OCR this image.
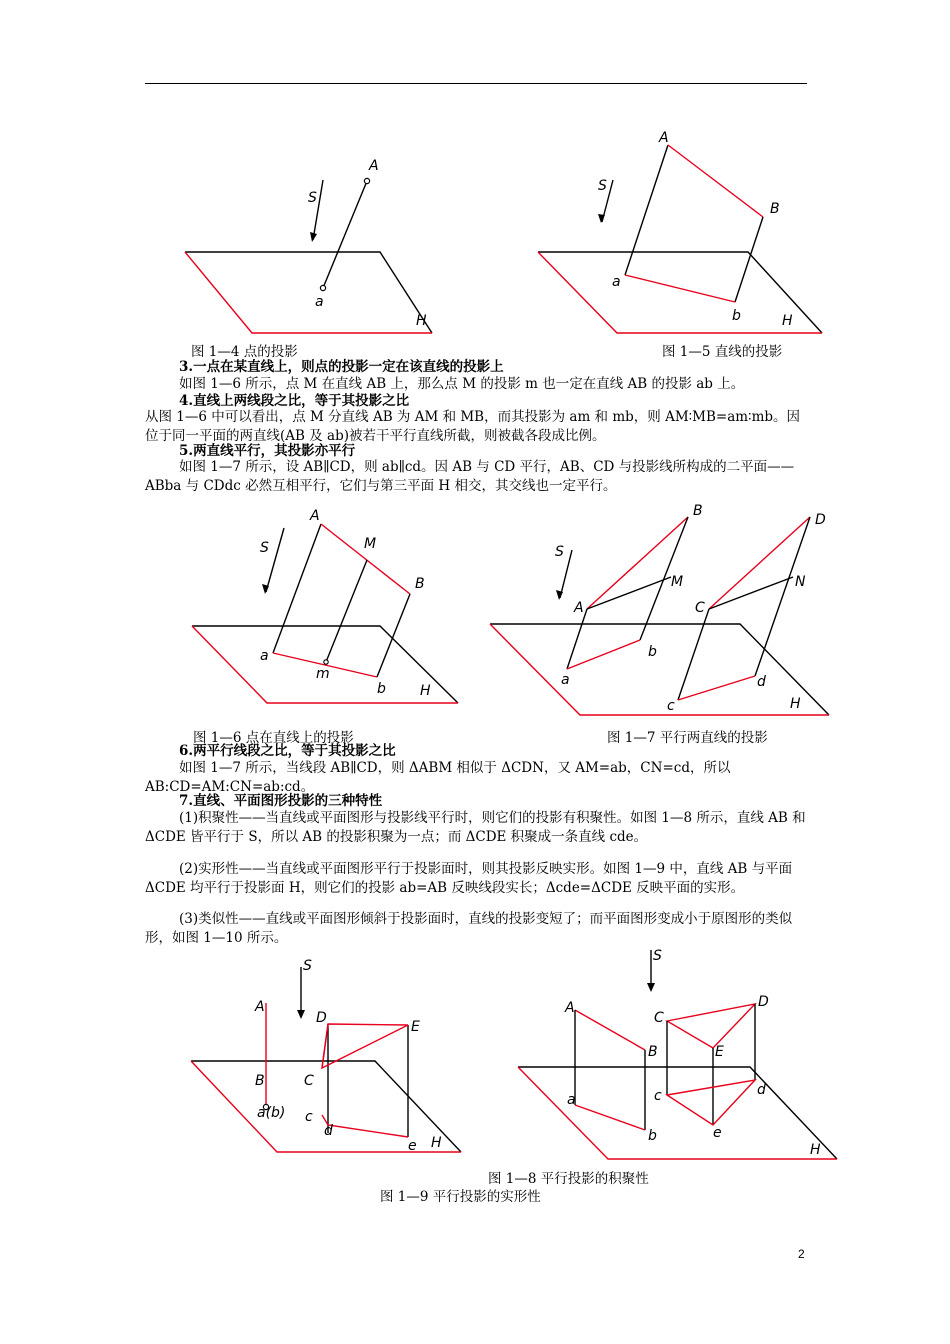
S
A
a
H
S
A
B
a
b	H
图 1—4 点的投影	图 1—5 直线的投影

3.一点在某直线上，则点的投影一定在该直线的投影上

如图 1—6 所示，点 M 在直线 AB 上，那么点 M 的投影 m 也一定在直线 AB 的投影 ab 上。

4.直线上两线段之比，等于其投影之比

从图 1—6 中可以看出，点 M 分直线 AB 为 AM 和 MB，而其投影为 am 和 mb，则 AM∶MB=am∶mb。因位于同一平面的两直线(AB 及 ab)被若干平行直线所截，则被截各段成比例。

5.两直线平行，其投影亦平行

如图 1—7 所示，设 AB∥CD，则 ab∥cd。因 AB 与 CD 平行，AB、CD 与投影线所构成的二平面——ABba 与 CDdc 必然互相平行，它们与第三平面 H 相交，其交线也一定平行。

S
A
M
B
a
m
b H
S
B
M
A
b
a
D
N
C
d
c	H
图 1—6 点在直线上的投影	图 1—7 平行两直线的投影

6.两平行线段之比，等于其投影之比

如图 1—7 所示，当线段 AB∥CD，则 ΔABM 相似于 ΔCDN，又 AM=ab，CN=cd，所以 AB:CD=AM:CN=ab:cd。

7.直线、平面图形投影的三种特性

(1)积聚性——当直线或平面图形与投影线平行时，则它们的投影有积聚性。如图 1—8 所示，直线 AB 和 ΔCDE 皆平行于 S，所以 AB 的投影积聚为一点；而 ΔCDE 积聚成一条直线 cde。

(2)实形性——当直线或平面图形平行于投影面时，则其投影反映实形。如图 1—9 中，直线 AB 与平面 ΔCDE 均平行于投影面 H，则它们的投影 ab=AB 反映线段实长；Δcde=ΔCDE 反映平面的实形。

(3)类似性——直线或平面图形倾斜于投影面时，直线的投影变短了；而平面图形变成小于原图形的类似形，如图 1—10 所示。

S
A
B
a(b)
D
E
C
c
d
e H
S
A
B
C
D
E
a
b
c	d
e
H
图 1—8 平行投影的积聚性
图 1—9 平行投影的实形性
2
